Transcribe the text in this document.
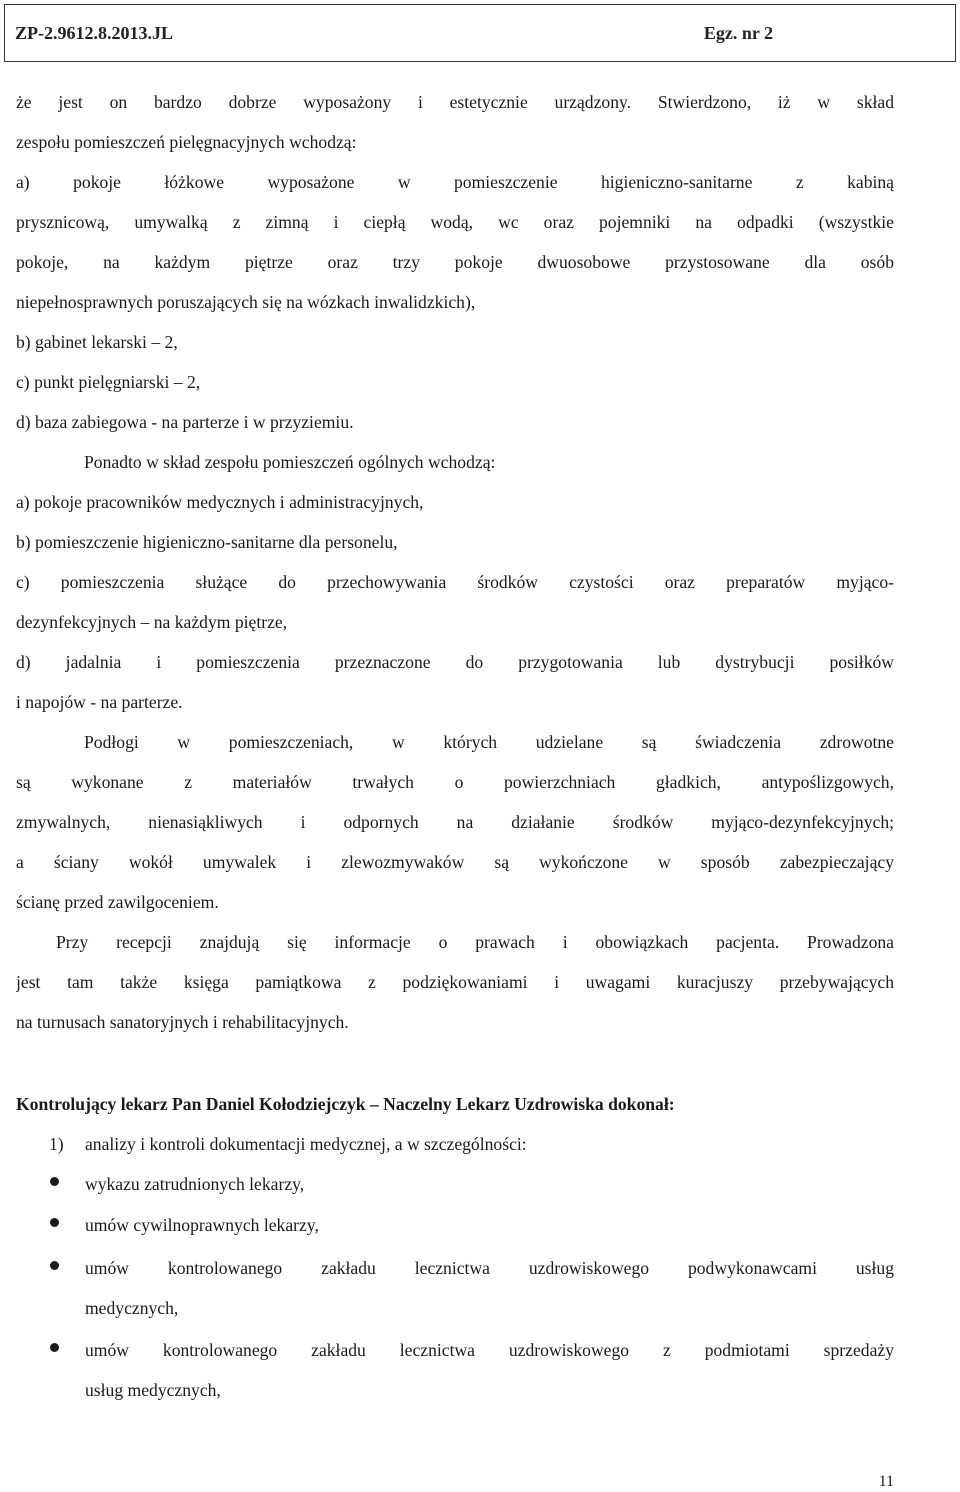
ZP-2.9612.8.2013.JL	Egz. nr 2
że jest on bardzo dobrze wyposażony i estetycznie urządzony. Stwierdzono, iż w skład
zespołu pomieszczeń pielęgnacyjnych wchodzą:
a) pokoje łóżkowe wyposażone w pomieszczenie higieniczno-sanitarne z kabiną
prysznicową, umywalką z zimną i ciepłą wodą, wc oraz pojemniki na odpadki (wszystkie
pokoje, na każdym piętrze oraz trzy pokoje dwuosobowe przystosowane dla osób
niepełnosprawnych poruszających się na wózkach inwalidzkich),
b) gabinet lekarski – 2,
c) punkt pielęgniarski – 2,
d) baza zabiegowa - na parterze i w przyziemiu.
Ponadto w skład zespołu pomieszczeń ogólnych wchodzą:
a) pokoje pracowników medycznych i administracyjnych,
b) pomieszczenie higieniczno-sanitarne dla personelu,
c) pomieszczenia służące do przechowywania środków czystości oraz preparatów myjąco-
dezynfekcyjnych – na każdym piętrze,
d) jadalnia i pomieszczenia przeznaczone do przygotowania lub dystrybucji posiłków
i napojów - na parterze.
Podłogi w pomieszczeniach, w których udzielane są świadczenia zdrowotne
są wykonane z materiałów trwałych o powierzchniach gładkich, antypoślizgowych,
zmywalnych, nienasiąkliwych i odpornych na działanie środków myjąco-dezynfekcyjnych;
a ściany wokół umywalek i zlewozmywaków są wykończone w sposób zabezpieczający
ścianę przed zawilgoceniem.
Przy recepcji znajdują się informacje o prawach i obowiązkach pacjenta. Prowadzona
jest tam także księga pamiątkowa z podziękowaniami i uwagami kuracjuszy przebywających
na turnusach sanatoryjnych i rehabilitacyjnych.
Kontrolujący lekarz Pan Daniel Kołodziejczyk – Naczelny Lekarz Uzdrowiska dokonał:
1) analizy i kontroli dokumentacji medycznej, a w szczególności:
wykazu zatrudnionych lekarzy,
umów cywilnoprawnych lekarzy,
umów kontrolowanego zakładu lecznictwa uzdrowiskowego podwykonawcami usług
medycznych,
umów kontrolowanego zakładu lecznictwa uzdrowiskowego z podmiotami sprzedaży
usług medycznych,
11
